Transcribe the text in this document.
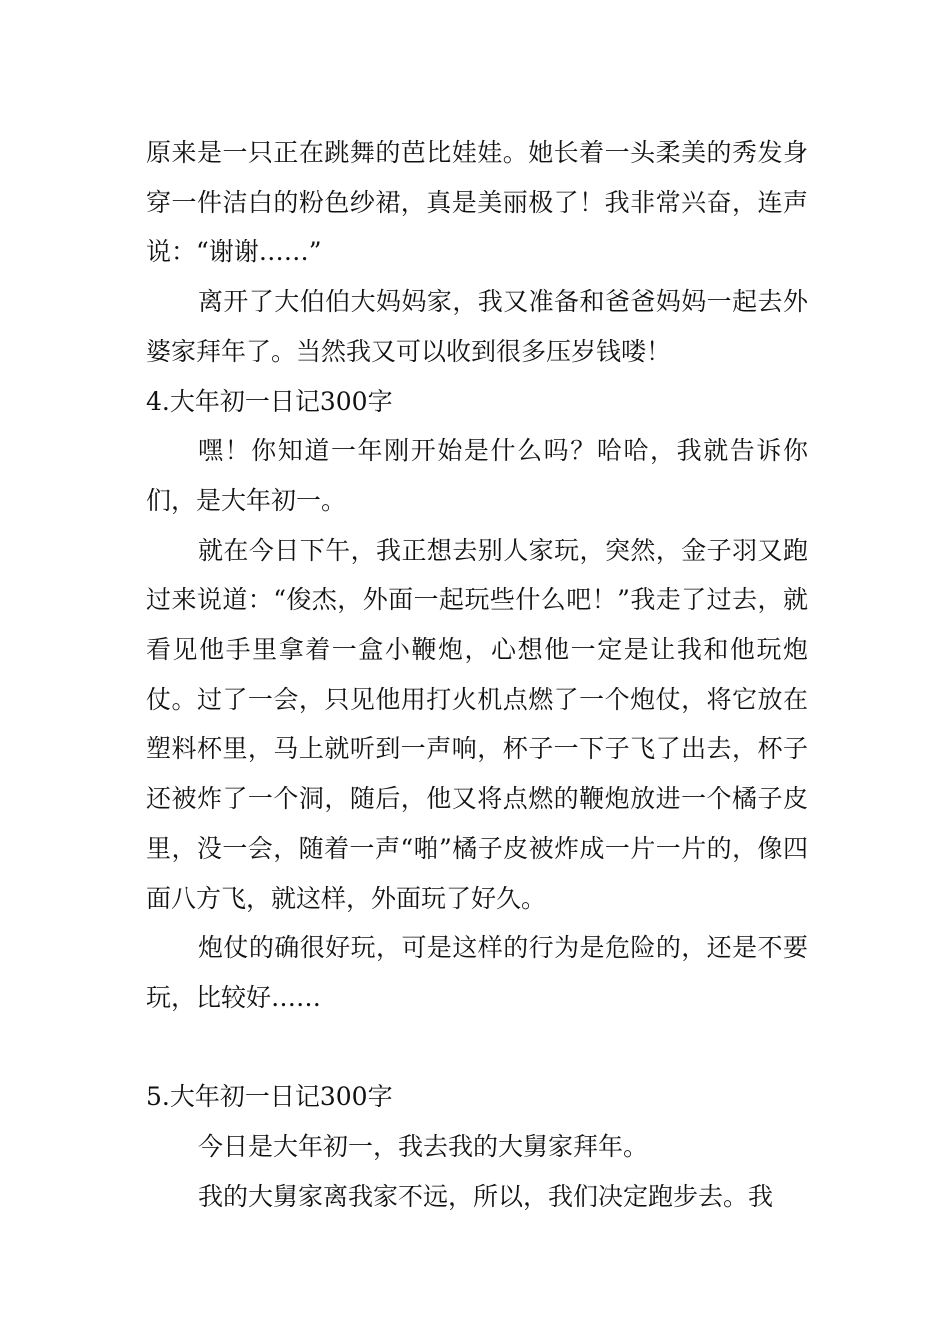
原来是一只正在跳舞的芭比娃娃。她长着一头柔美的秀发身穿一件洁白的粉色纱裙，真是美丽极了！我非常兴奋，连声说：“谢谢……”

离开了大伯伯大妈妈家，我又准备和爸爸妈妈一起去外婆家拜年了。当然我又可以收到很多压岁钱喽！

4.大年初一日记300字

嘿！你知道一年刚开始是什么吗？哈哈，我就告诉你们，是大年初一。

就在今日下午，我正想去别人家玩，突然，金子羽又跑过来说道：“俊杰，外面一起玩些什么吧！”我走了过去，就看见他手里拿着一盒小鞭炮，心想他一定是让我和他玩炮仗。过了一会，只见他用打火机点燃了一个炮仗，将它放在塑料杯里，马上就听到一声响，杯子一下子飞了出去，杯子还被炸了一个洞，随后，他又将点燃的鞭炮放进一个橘子皮里，没一会，随着一声“啪”橘子皮被炸成一片一片的，像四面八方飞，就这样，外面玩了好久。

炮仗的确很好玩，可是这样的行为是危险的，还是不要玩，比较好……

5.大年初一日记300字

今日是大年初一，我去我的大舅家拜年。

我的大舅家离我家不远，所以，我们决定跑步去。我
